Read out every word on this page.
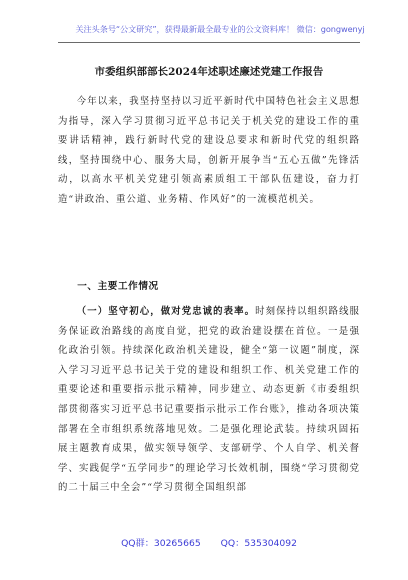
关注头条号“公文研究”，获得最新最全最专业的公文资料库！ 微信：gongwenyj
市委组织部部长2024年述职述廉述党建工作报告

今年以来，我坚持坚持以习近平新时代中国特色社会主义思想为指导，深入学习贯彻习近平总书记关于机关党的建设工作的重要讲话精神，践行新时代党的建设总要求和新时代党的组织路线，坚持围绕中心、服务大局，创新开展争当“五心五做”先锋活动，以高水平机关党建引领高素质组工干部队伍建设，奋力打造“讲政治、重公道、业务精、作风好”的一流模范机关。

一、主要工作情况

（一）坚守初心，做对党忠诚的表率。时刻保持以组织路线服务保证政治路线的高度自觉，把党的政治建设摆在首位。一是强化政治引领。持续深化政治机关建设，健全“第一议题”制度，深入学习习近平总书记关于党的建设和组织工作、机关党建工作的重要论述和重要指示批示精神，同步建立、动态更新《市委组织部贯彻落实习近平总书记重要指示批示工作台账》，推动各项决策部署在全市组织系统落地见效。二是强化理论武装。持续巩固拓展主题教育成果，做实领导领学、支部研学、个人自学、机关督学、实践促学“五学同步”的理论学习长效机制，围绕“学习贯彻党的二十届三中全会”“学习贯彻全国组织部

QQ群：30265665 QQ：535304092
